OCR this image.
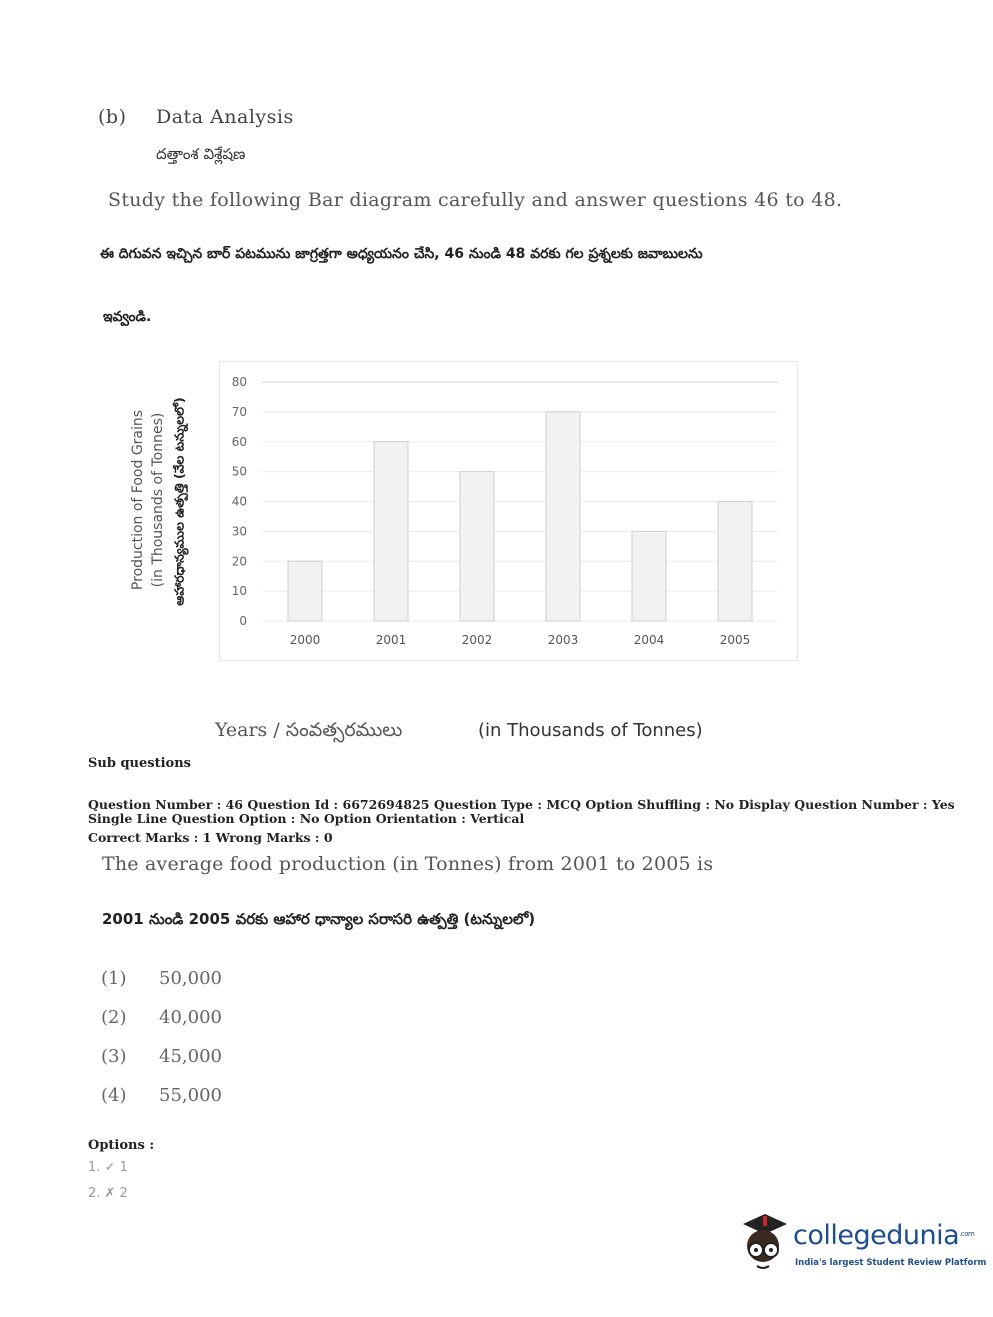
(b) Data Analysis
దత్తాంశ విశ్లేషణ
Study the following Bar diagram carefully and answer questions 46 to 48.
ఈ దిగువన ఇచ్చిన బార్ పటమును జాగ్రత్తగా అధ్యయనం చేసి, 46 నుండి 48 వరకు గల ప్రశ్నలకు జవాబులను
ఇవ్వండి.
Production of Food Grains (in Thousands of Tonnes) ఆహారధాన్యముల ఉత్పత్తి (వేల టన్నులలో)
0
10
20
30
40
50
60
70
80
2000	2001	2002	2003	2004	2005
Years / సంవత్సరములు	(in Thousands of Tonnes)
Sub questions
Question Number : 46 Question Id : 6672694825 Question Type : MCQ Option Shuffling : No Display Question Number : Yes
Single Line Question Option : No Option Orientation : Vertical
Correct Marks : 1 Wrong Marks : 0
The average food production (in Tonnes) from 2001 to 2005 is
2001 నుండి 2005 వరకు ఆహార ధాన్యాల సరాసరి ఉత్పత్తి (టన్నులలో)
(1) 50,000
(2) 40,000
(3) 45,000
(4) 55,000
Options :
1. ✓ 1
2. ✗ 2
collegedunia$^{.com}$
India's largest Student Review Platform
